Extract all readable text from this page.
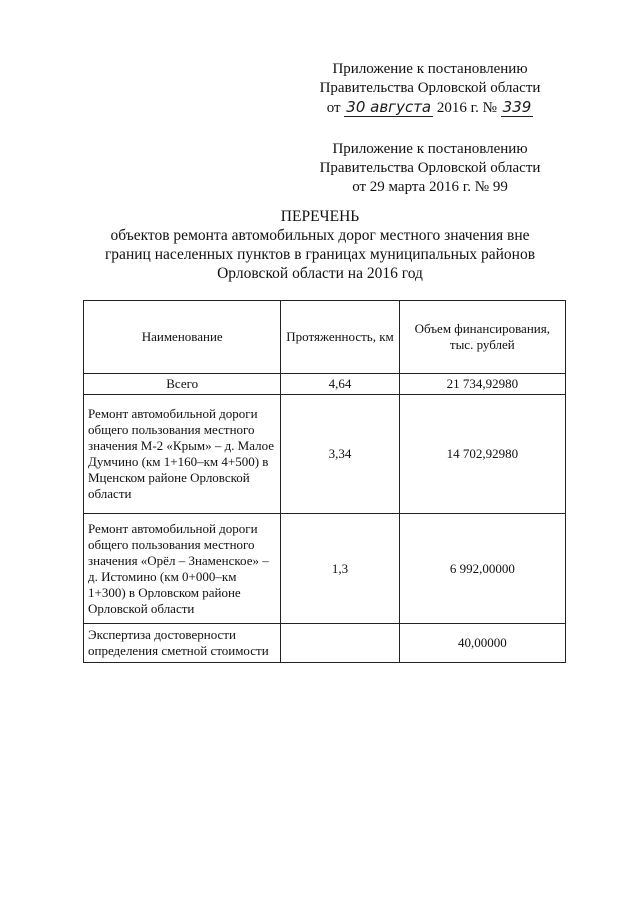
Приложение к постановлению
Правительства Орловской области
от 30 августа 2016 г. № 339
Приложение к постановлению
Правительства Орловской области
от 29 марта 2016 г. № 99
ПЕРЕЧЕНЬ
объектов ремонта автомобильных дорог местного значения вне
границ населенных пунктов в границах муниципальных районов
Орловской области на 2016 год
Наименование	Протяженность, км	Объем финансирования, тыс. рублей
Всего	4,64	21 734,92980
Ремонт автомобильной дороги общего пользования местного значения М-2 «Крым» – д. Малое Думчино (км 1+160–км 4+500) в Мценском районе Орловской области	3,34	14 702,92980
Ремонт автомобильной дороги общего пользования местного значения «Орёл – Знаменское» – д. Истомино (км 0+000–км 1+300) в Орловском районе Орловской области	1,3	6 992,00000
Экспертиза достоверности определения сметной стоимости		40,00000
